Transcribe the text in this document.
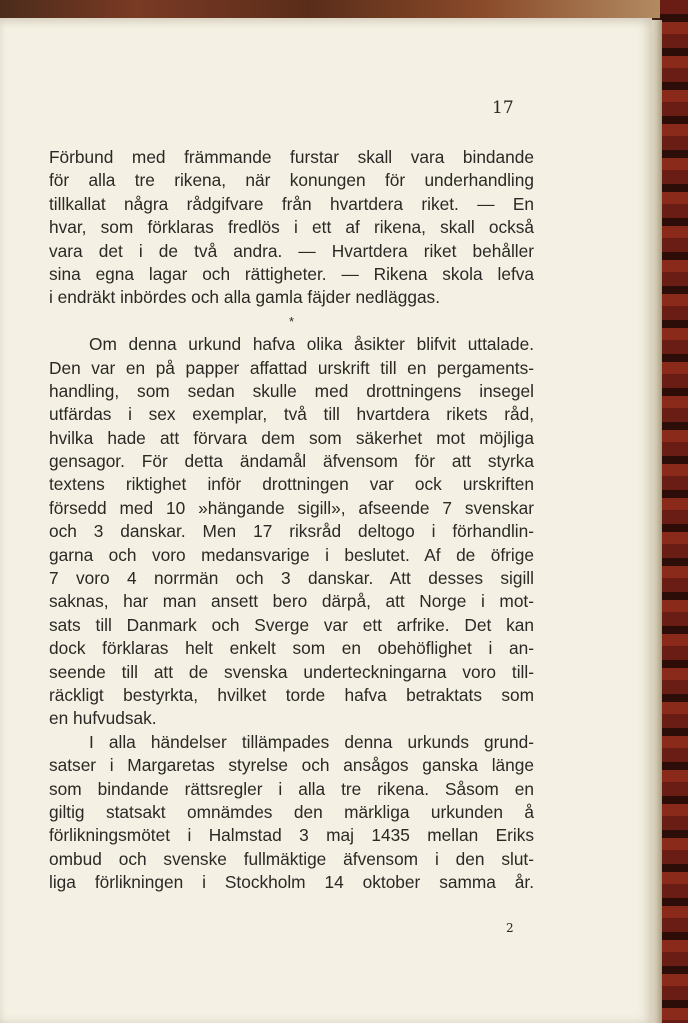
17

Förbund med främmande furstar skall vara bindande
för alla tre rikena, när konungen för underhandling
tillkallat några rådgifvare från hvartdera riket. — En
hvar, som förklaras fredlös i ett af rikena, skall också
vara det i de två andra. — Hvartdera riket behåller
sina egna lagar och rättigheter. — Rikena skola lefva
i endräkt inbördes och alla gamla fäjder nedläggas.
*
Om denna urkund hafva olika åsikter blifvit uttalade.
Den var en på papper affattad urskrift till en pergaments-
handling, som sedan skulle med drottningens insegel
utfärdas i sex exemplar, två till hvartdera rikets råd,
hvilka hade att förvara dem som säkerhet mot möjliga
gensagor. För detta ändamål äfvensom för att styrka
textens riktighet inför drottningen var ock urskriften
försedd med 10 »hängande sigill», afseende 7 svenskar
och 3 danskar. Men 17 riksråd deltogo i förhandlin-
garna och voro medansvarige i beslutet. Af de öfrige
7 voro 4 norrmän och 3 danskar. Att desses sigill
saknas, har man ansett bero därpå, att Norge i mot-
sats till Danmark och Sverge var ett arfrike. Det kan
dock förklaras helt enkelt som en obehöflighet i an-
seende till att de svenska underteckningarna voro till-
räckligt bestyrkta, hvilket torde hafva betraktats som
en hufvudsak.
I alla händelser tillämpades denna urkunds grund-
satser i Margaretas styrelse och ansågos ganska länge
som bindande rättsregler i alla tre rikena. Såsom en
giltig statsakt omnämdes den märkliga urkunden å
förlikningsmötet i Halmstad 3 maj 1435 mellan Eriks
ombud och svenske fullmäktige äfvensom i den slut-
liga förlikningen i Stockholm 14 oktober samma år.

2
